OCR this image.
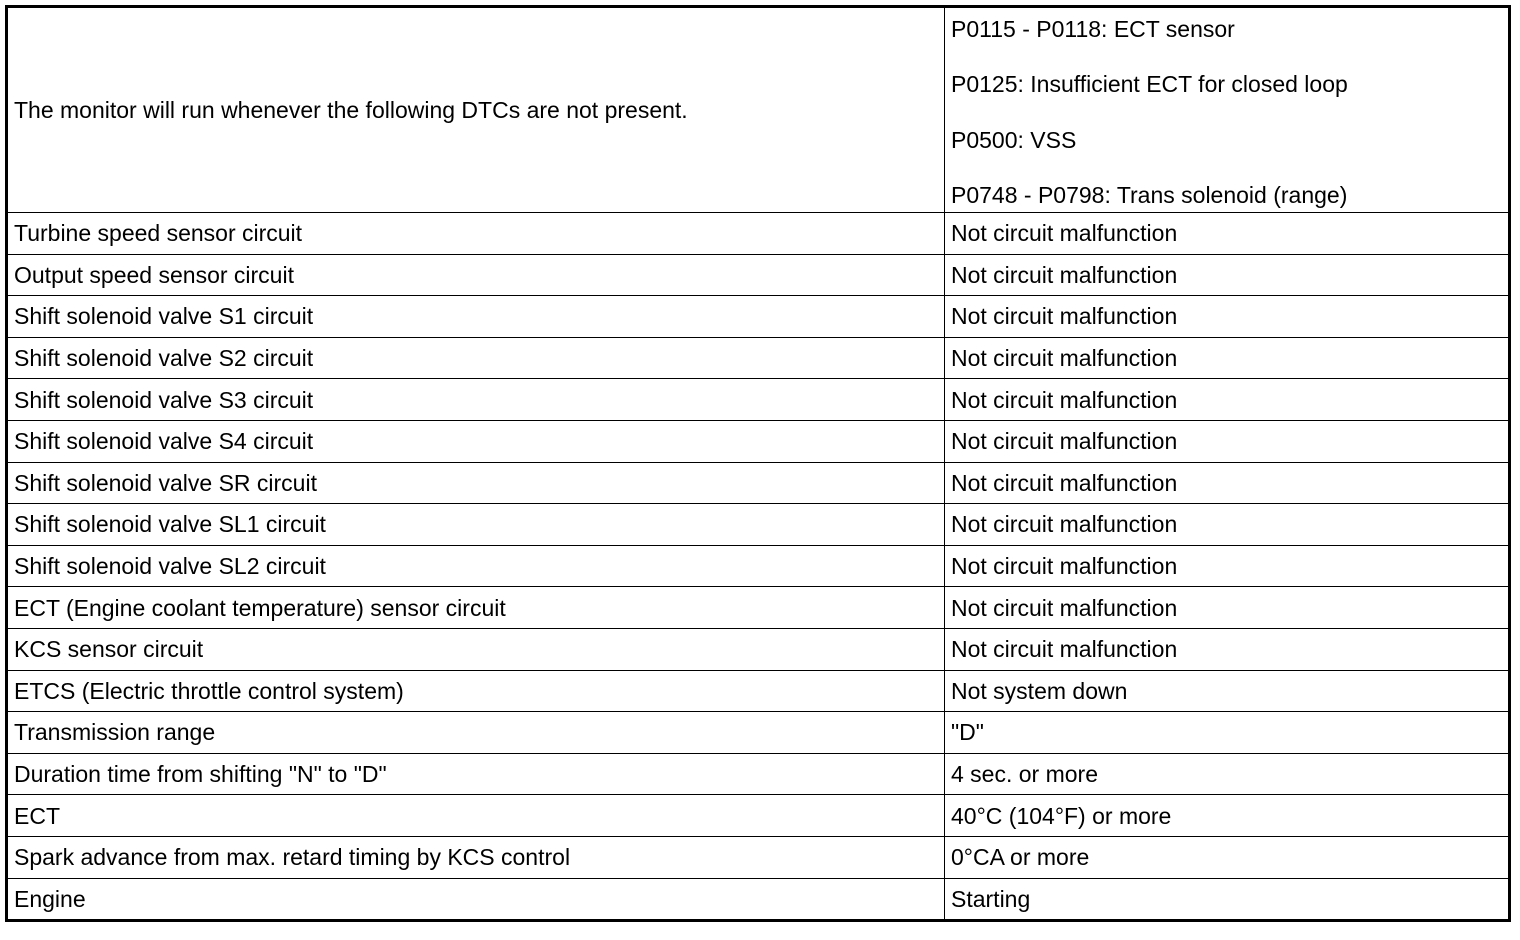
The monitor will run whenever the following DTCs are not present.	P0115 - P0118: ECT sensor
P0125: Insufficient ECT for closed loop
P0500: VSS
P0748 - P0798: Trans solenoid (range)

Turbine speed sensor circuit	Not circuit malfunction
Output speed sensor circuit	Not circuit malfunction
Shift solenoid valve S1 circuit	Not circuit malfunction
Shift solenoid valve S2 circuit	Not circuit malfunction
Shift solenoid valve S3 circuit	Not circuit malfunction
Shift solenoid valve S4 circuit	Not circuit malfunction
Shift solenoid valve SR circuit	Not circuit malfunction
Shift solenoid valve SL1 circuit	Not circuit malfunction
Shift solenoid valve SL2 circuit	Not circuit malfunction
ECT (Engine coolant temperature) sensor circuit	Not circuit malfunction
KCS sensor circuit	Not circuit malfunction
ETCS (Electric throttle control system)	Not system down
Transmission range	"D"
Duration time from shifting "N" to "D"	4 sec. or more
ECT	40°C (104°F) or more
Spark advance from max. retard timing by KCS control	0°CA or more
Engine	Starting
